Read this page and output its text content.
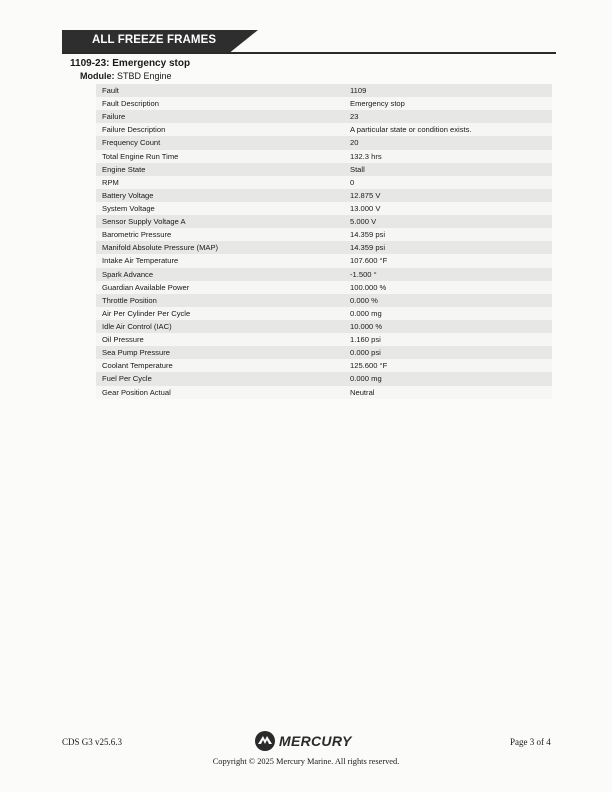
ALL FREEZE FRAMES
1109-23: Emergency stop
Module: STBD Engine
Fault	1109
Fault Description	Emergency stop
Failure	23
Failure Description	A particular state or condition exists.
Frequency Count	20
Total Engine Run Time	132.3 hrs
Engine State	Stall
RPM	0
Battery Voltage	12.875 V
System Voltage	13.000 V
Sensor Supply Voltage A	5.000 V
Barometric Pressure	14.359 psi
Manifold Absolute Pressure (MAP)	14.359 psi
Intake Air Temperature	107.600 °F
Spark Advance	-1.500 °
Guardian Available Power	100.000 %
Throttle Position	0.000 %
Air Per Cylinder Per Cycle	0.000 mg
Idle Air Control (IAC)	10.000 %
Oil Pressure	1.160 psi
Sea Pump Pressure	0.000 psi
Coolant Temperature	125.600 °F
Fuel Per Cycle	0.000 mg
Gear Position Actual	Neutral
CDS G3 v25.6.3	MERCURY	Page 3 of 4
Copyright © 2025 Mercury Marine. All rights reserved.
